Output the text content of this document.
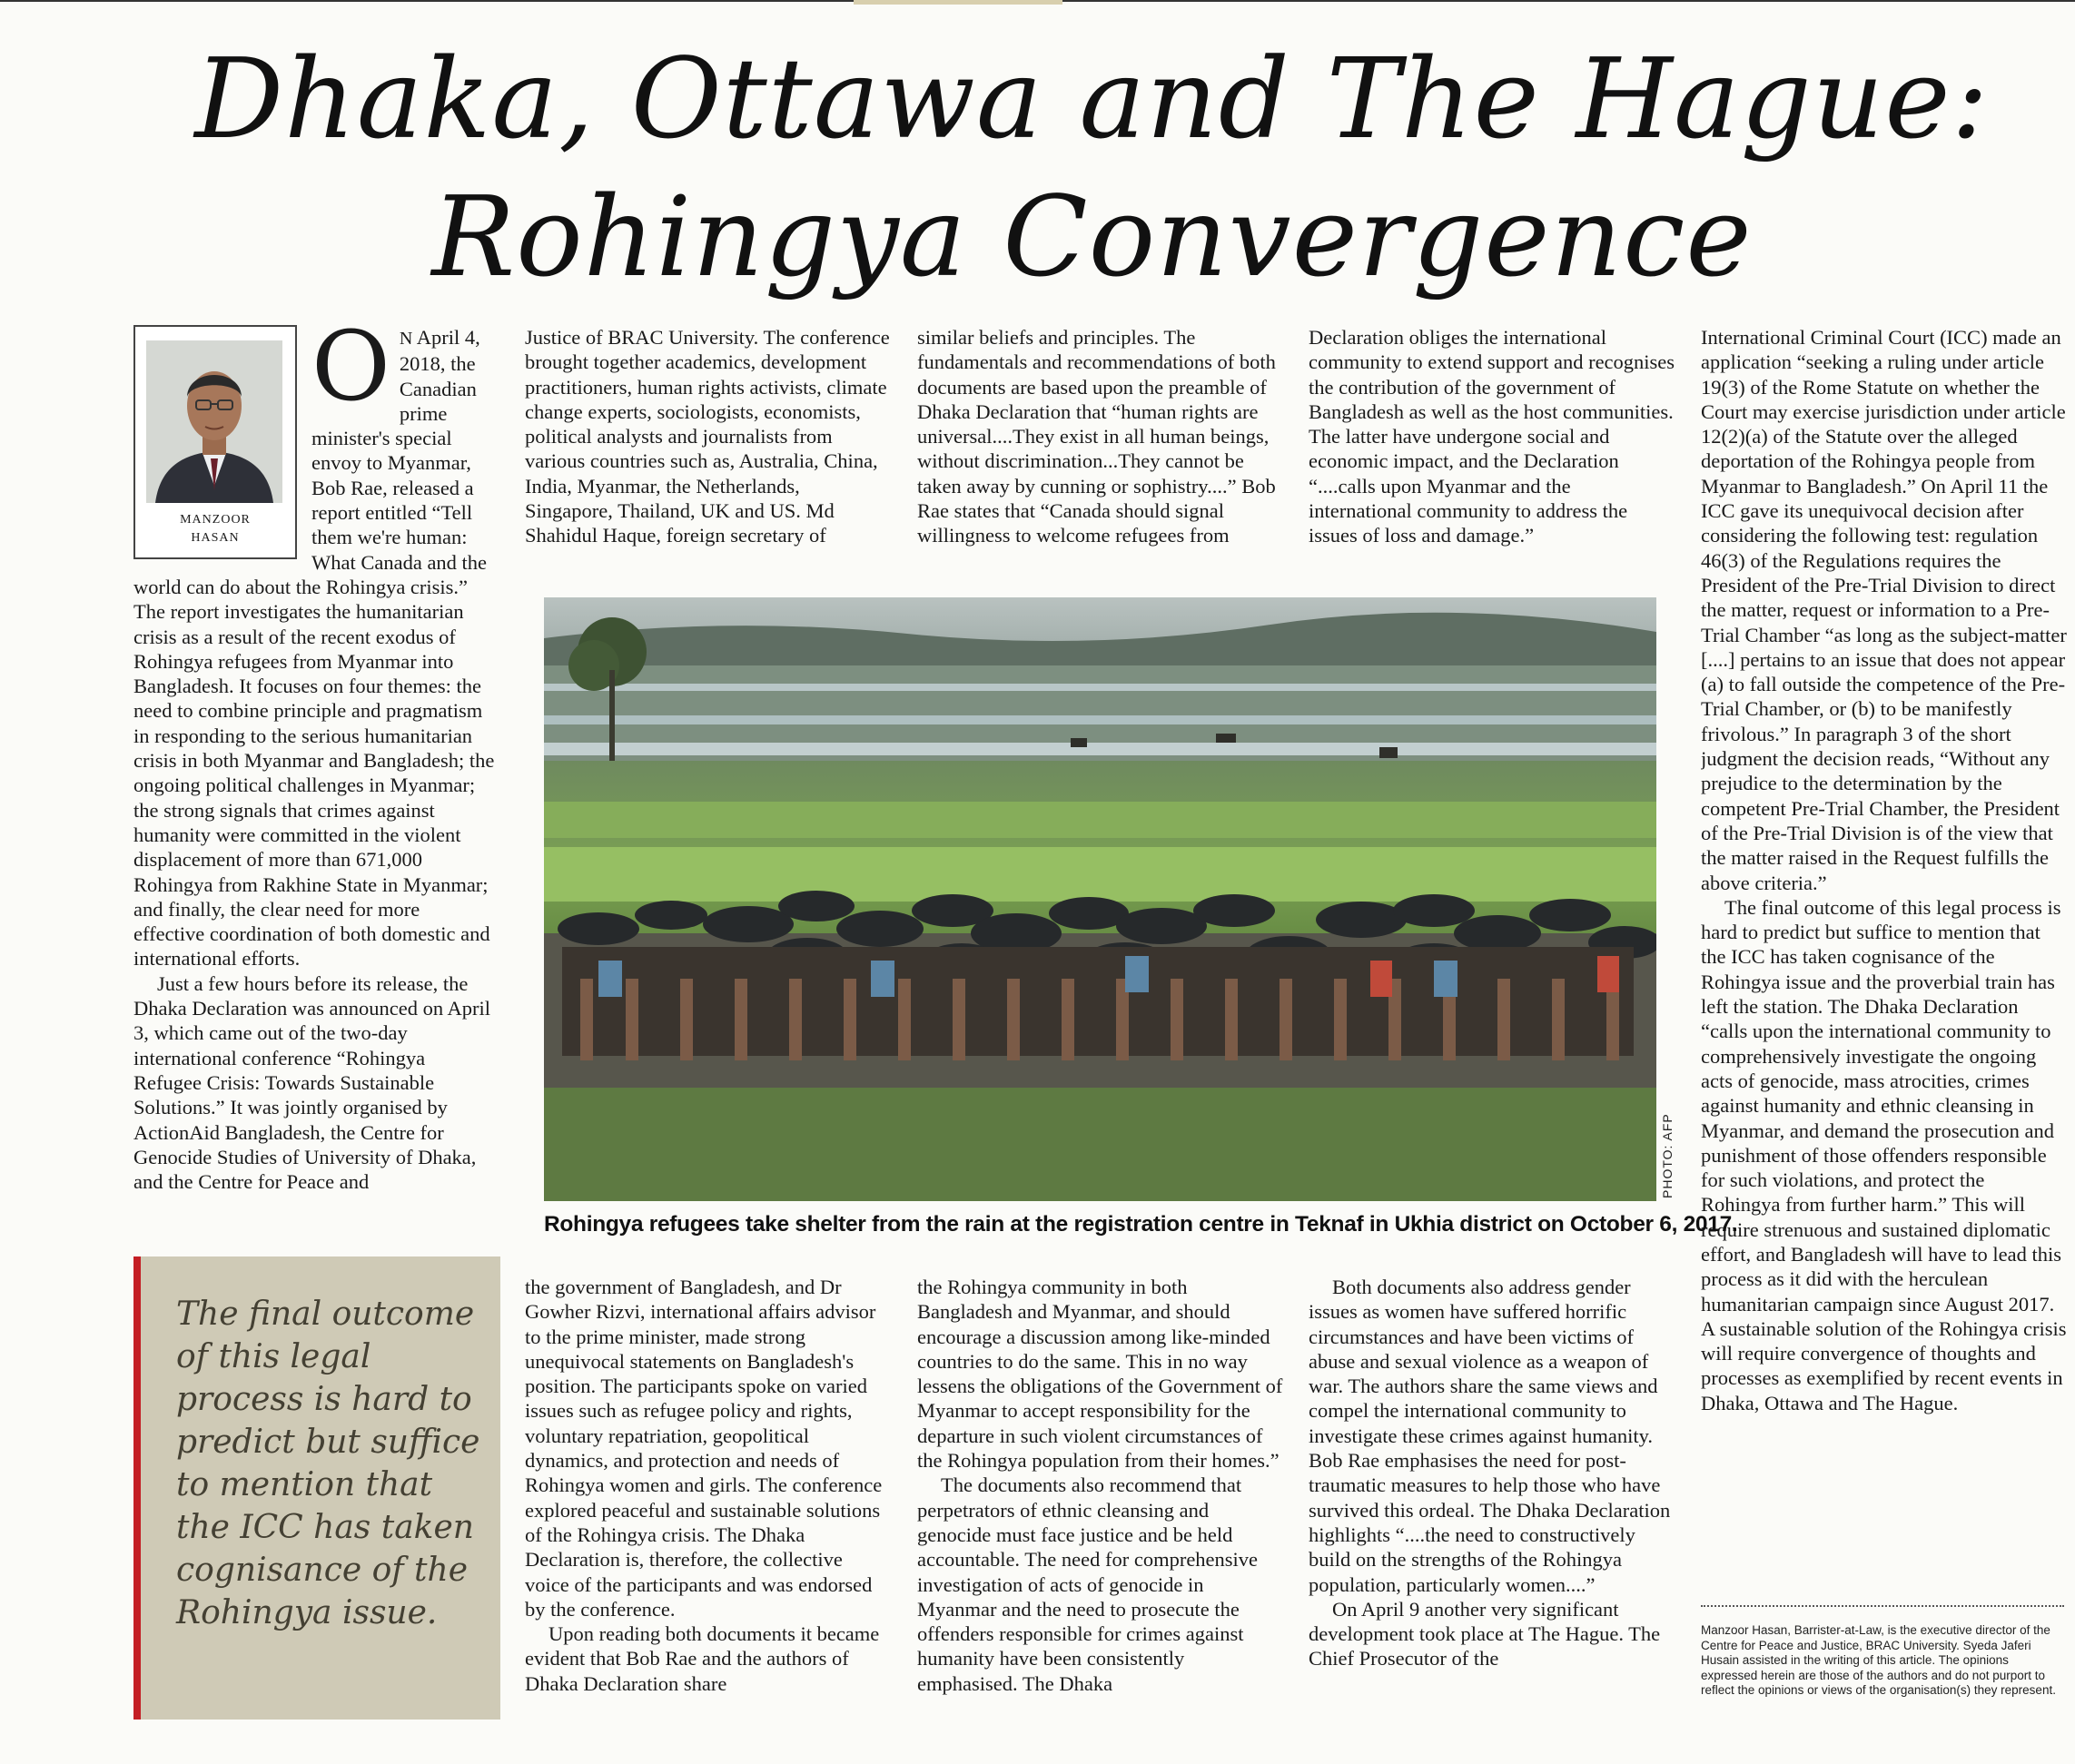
Dhaka, Ottawa and The Hague:
Rohingya Convergence
MANZOOR
HASAN

ON April 4, 2018, the Canadian prime minister's special envoy to Myanmar, Bob Rae, released a report entitled “Tell them we're human: What Canada and the world can do about the Rohingya crisis.” The report investigates the humanitarian crisis as a result of the recent exodus of Rohingya refugees from Myanmar into Bangladesh. It focuses on four themes: the need to combine principle and pragmatism in responding to the serious humanitarian crisis in both Myanmar and Bangladesh; the ongoing political challenges in Myanmar; the strong signals that crimes against humanity were committed in the violent displacement of more than 671,000 Rohingya from Rakhine State in Myanmar; and finally, the clear need for more effective coordination of both domestic and international efforts.

Just a few hours before its release, the Dhaka Declaration was announced on April 3, which came out of the two-day international conference “Rohingya Refugee Crisis: Towards Sustainable Solutions.” It was jointly organised by ActionAid Bangladesh, the Centre for Genocide Studies of University of Dhaka, and the Centre for Peace and

Justice of BRAC University. The conference brought together academics, development practitioners, human rights activists, climate change experts, sociologists, economists, political analysts and journalists from various countries such as, Australia, China, India, Myanmar, the Netherlands, Singapore, Thailand, UK and US. Md Shahidul Haque, foreign secretary of

similar beliefs and principles. The fundamentals and recommendations of both documents are based upon the preamble of Dhaka Declaration that “human rights are universal....They exist in all human beings, without discrimination...They cannot be taken away by cunning or sophistry....” Bob Rae states that “Canada should signal willingness to welcome refugees from

Declaration obliges the international community to extend support and recognises the contribution of the government of Bangladesh as well as the host communities. The latter have undergone social and economic impact, and the Declaration “....calls upon Myanmar and the international community to address the issues of loss and damage.”

International Criminal Court (ICC) made an application “seeking a ruling under article 19(3) of the Rome Statute on whether the Court may exercise jurisdiction under article 12(2)(a) of the Statute over the alleged deportation of the Rohingya people from Myanmar to Bangladesh.” On April 11 the ICC gave its unequivocal decision after considering the following test: regulation 46(3) of the Regulations requires the President of the Pre-Trial Division to direct the matter, request or information to a Pre-Trial Chamber “as long as the subject-matter [....] pertains to an issue that does not appear (a) to fall outside the competence of the Pre-Trial Chamber, or (b) to be manifestly frivolous.” In paragraph 3 of the short judgment the decision reads, “Without any prejudice to the determination by the competent Pre-Trial Chamber, the President of the Pre-Trial Division is of the view that the matter raised in the Request fulfills the above criteria.”

The final outcome of this legal process is hard to predict but suffice to mention that the ICC has taken cognisance of the Rohingya issue and the proverbial train has left the station. The Dhaka Declaration “calls upon the international community to comprehensively investigate the ongoing acts of genocide, mass atrocities, crimes against humanity and ethnic cleansing in Myanmar, and demand the prosecution and punishment of those offenders responsible for such violations, and protect the Rohingya from further harm.” This will require strenuous and sustained diplomatic effort, and Bangladesh will have to lead this process as it did with the herculean humanitarian campaign since August 2017. A sustainable solution of the Rohingya crisis will require convergence of thoughts and processes as exemplified by recent events in Dhaka, Ottawa and The Hague.

PHOTO: AFP
Rohingya refugees take shelter from the rain at the registration centre in Teknaf in Ukhia district on October 6, 2017.
The final outcome of this legal process is hard to predict but suffice to mention that the ICC has taken cognisance of the Rohingya issue.

the government of Bangladesh, and Dr Gowher Rizvi, international affairs advisor to the prime minister, made strong unequivocal statements on Bangladesh's position. The participants spoke on varied issues such as refugee policy and rights, voluntary repatriation, geopolitical dynamics, and protection and needs of Rohingya women and girls. The conference explored peaceful and sustainable solutions of the Rohingya crisis. The Dhaka Declaration is, therefore, the collective voice of the participants and was endorsed by the conference.

Upon reading both documents it became evident that Bob Rae and the authors of Dhaka Declaration share

the Rohingya community in both Bangladesh and Myanmar, and should encourage a discussion among like-minded countries to do the same. This in no way lessens the obligations of the Government of Myanmar to accept responsibility for the departure in such violent circumstances of the Rohingya population from their homes.”

The documents also recommend that perpetrators of ethnic cleansing and genocide must face justice and be held accountable. The need for comprehensive investigation of acts of genocide in Myanmar and the need to prosecute the offenders responsible for crimes against humanity have been consistently emphasised. The Dhaka

Both documents also address gender issues as women have suffered horrific circumstances and have been victims of abuse and sexual violence as a weapon of war. The authors share the same views and compel the international community to investigate these crimes against humanity. Bob Rae emphasises the need for post-traumatic measures to help those who have survived this ordeal. The Dhaka Declaration highlights “....the need to constructively build on the strengths of the Rohingya population, particularly women....”

On April 9 another very significant development took place at The Hague. The Chief Prosecutor of the

Manzoor Hasan, Barrister-at-Law, is the executive director of the Centre for Peace and Justice, BRAC University. Syeda Jaferi Husain assisted in the writing of this article. The opinions expressed herein are those of the authors and do not purport to reflect the opinions or views of the organisation(s) they represent.
